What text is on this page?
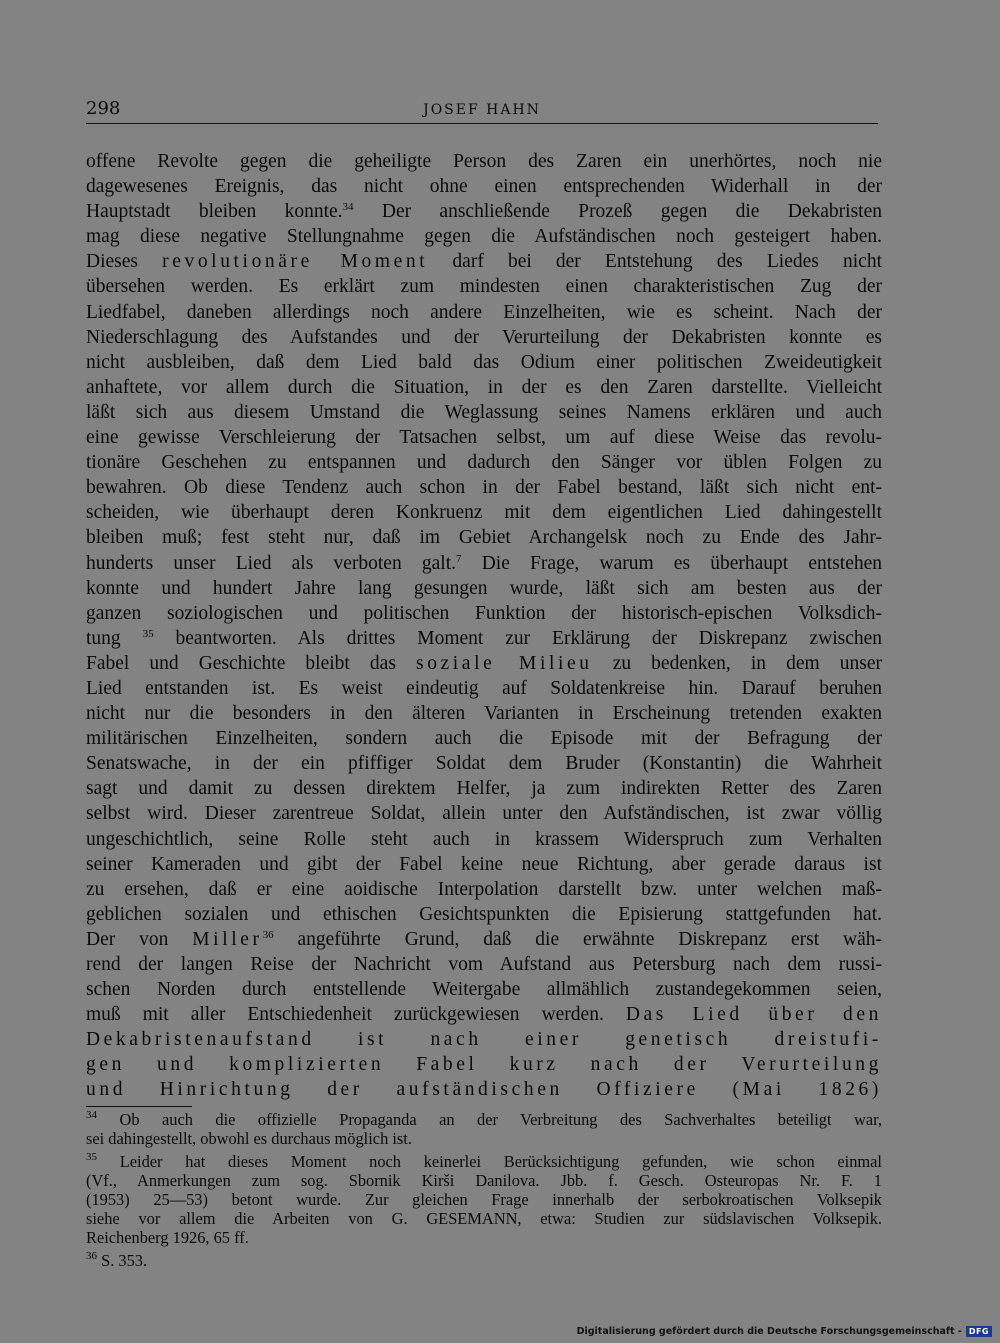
298	JOSEF HAHN
offene Revolte gegen die geheiligte Person des Zaren ein unerhörtes, noch nie
dagewesenes Ereignis, das nicht ohne einen entsprechenden Widerhall in der
Hauptstadt bleiben konnte.$^{34}$ Der anschließende Prozeß gegen die Dekabristen
mag diese negative Stellungnahme gegen die Aufständischen noch gesteigert haben.
Dieses revolutionäre Moment darf bei der Entstehung des Liedes nicht
übersehen werden. Es erklärt zum mindesten einen charakteristischen Zug der
Liedfabel, daneben allerdings noch andere Einzelheiten, wie es scheint. Nach der
Niederschlagung des Aufstandes und der Verurteilung der Dekabristen konnte es
nicht ausbleiben, daß dem Lied bald das Odium einer politischen Zweideutigkeit
anhaftete, vor allem durch die Situation, in der es den Zaren darstellte. Vielleicht
läßt sich aus diesem Umstand die Weglassung seines Namens erklären und auch
eine gewisse Verschleierung der Tatsachen selbst, um auf diese Weise das revolu-
tionäre Geschehen zu entspannen und dadurch den Sänger vor üblen Folgen zu
bewahren. Ob diese Tendenz auch schon in der Fabel bestand, läßt sich nicht ent-
scheiden, wie überhaupt deren Konkruenz mit dem eigentlichen Lied dahingestellt
bleiben muß; fest steht nur, daß im Gebiet Archangelsk noch zu Ende des Jahr-
hunderts unser Lied als verboten galt.$^7$ Die Frage, warum es überhaupt entstehen
konnte und hundert Jahre lang gesungen wurde, läßt sich am besten aus der
ganzen soziologischen und politischen Funktion der historisch-epischen Volksdich-
tung $^{35}$ beantworten. Als drittes Moment zur Erklärung der Diskrepanz zwischen
Fabel und Geschichte bleibt das soziale Milieu zu bedenken, in dem unser
Lied entstanden ist. Es weist eindeutig auf Soldatenkreise hin. Darauf beruhen
nicht nur die besonders in den älteren Varianten in Erscheinung tretenden exakten
militärischen Einzelheiten, sondern auch die Episode mit der Befragung der
Senatswache, in der ein pfiffiger Soldat dem Bruder (Konstantin) die Wahrheit
sagt und damit zu dessen direktem Helfer, ja zum indirekten Retter des Zaren
selbst wird. Dieser zarentreue Soldat, allein unter den Aufständischen, ist zwar völlig
ungeschichtlich, seine Rolle steht auch in krassem Widerspruch zum Verhalten
seiner Kameraden und gibt der Fabel keine neue Richtung, aber gerade daraus ist
zu ersehen, daß er eine aoidische Interpolation darstellt bzw. unter welchen maß-
geblichen sozialen und ethischen Gesichtspunkten die Episierung stattgefunden hat.
Der von Miller$^{36}$ angeführte Grund, daß die erwähnte Diskrepanz erst wäh-
rend der langen Reise der Nachricht vom Aufstand aus Petersburg nach dem russi-
schen Norden durch entstellende Weitergabe allmählich zustandegekommen seien,
muß mit aller Entschiedenheit zurückgewiesen werden. Das Lied über den
Dekabristenaufstand ist nach einer genetisch dreistufi-
gen und komplizierten Fabel kurz nach der Verurteilung
und Hinrichtung der aufständischen Offiziere (Mai 1826)
$^{34}$ Ob auch die offizielle Propaganda an der Verbreitung des Sachverhaltes beteiligt war,
sei dahingestellt, obwohl es durchaus möglich ist.
$^{35}$ Leider hat dieses Moment noch keinerlei Berücksichtigung gefunden, wie schon einmal
(Vf., Anmerkungen zum sog. Sbornik Kirši Danilova. Jbb. f. Gesch. Osteuropas Nr. F. 1
(1953) 25—53) betont wurde. Zur gleichen Frage innerhalb der serbokroatischen Volksepik
siehe vor allem die Arbeiten von G. GESEMANN, etwa: Studien zur südslavischen Volksepik.
Reichenberg 1926, 65 ff.
$^{36}$ S. 353.
Digitalisierung gefördert durch die Deutsche Forschungsgemeinschaft - DFG
